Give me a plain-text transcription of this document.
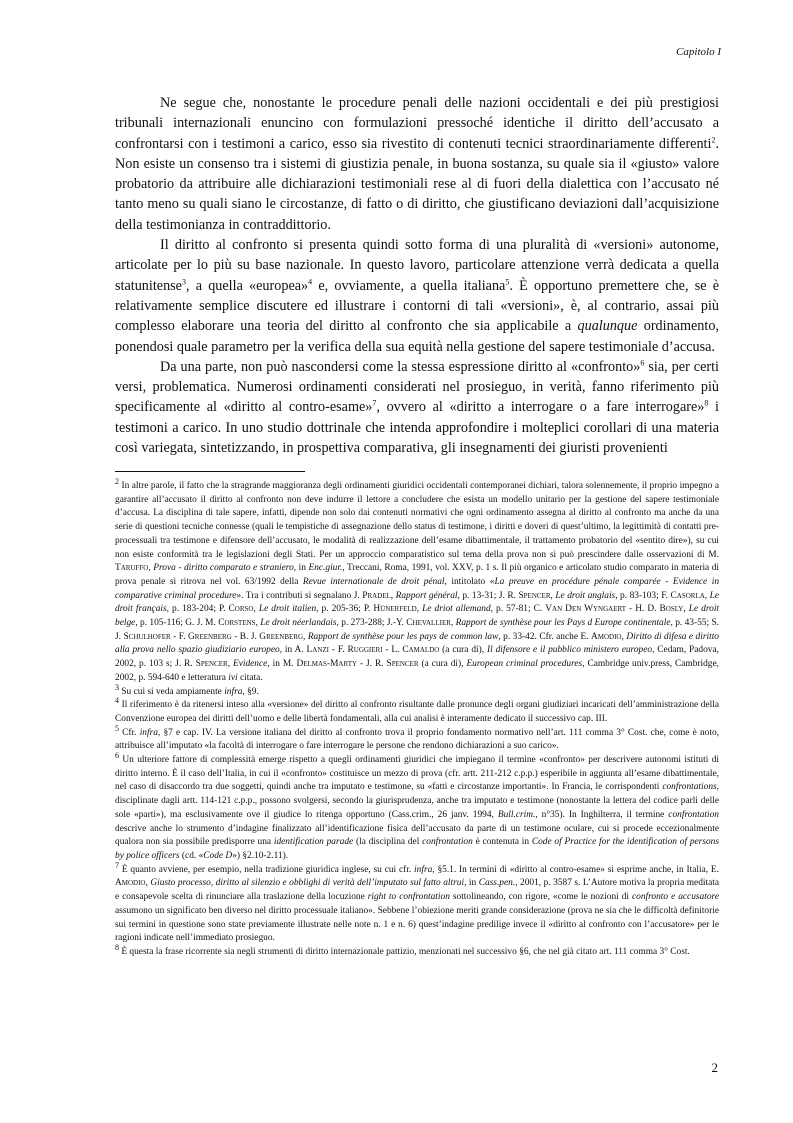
Capitolo I

Ne segue che, nonostante le procedure penali delle nazioni occidentali e dei più prestigiosi tribunali internazionali enuncino con formulazioni pressoché identiche il diritto dell’accusato a confrontarsi con i testimoni a carico, esso sia rivestito di contenuti tecnici straordinariamente differenti$^2$. Non esiste un consenso tra i sistemi di giustizia penale, in buona sostanza, su quale sia il «giusto» valore probatorio da attribuire alle dichiarazioni testimoniali rese al di fuori della dialettica con l’accusato né tanto meno su quali siano le circostanze, di fatto o di diritto, che giustificano deviazioni dall’acquisizione della testimonianza in contraddittorio.

Il diritto al confronto si presenta quindi sotto forma di una pluralità di «versioni» autonome, articolate per lo più su base nazionale. In questo lavoro, particolare attenzione verrà dedicata a quella statunitense$^3$, a quella «europea»$^4$ e, ovviamente, a quella italiana$^5$. È opportuno premettere che, se è relativamente semplice discutere ed illustrare i contorni di tali «versioni», è, al contrario, assai più complesso elaborare una teoria del diritto al confronto che sia applicabile a qualunque ordinamento, ponendosi quale parametro per la verifica della sua equità nella gestione del sapere testimoniale d’accusa.

Da una parte, non può nascondersi come la stessa espressione diritto al «confronto»$^6$ sia, per certi versi, problematica. Numerosi ordinamenti considerati nel prosieguo, in verità, fanno riferimento più specificamente al «diritto al contro-esame»$^7$, ovvero al «diritto a interrogare o a fare interrogare»$^8$ i testimoni a carico. In uno studio dottrinale che intenda approfondire i molteplici corollari di una materia così variegata, sintetizzando, in prospettiva comparativa, gli insegnamenti dei giuristi provenienti

$^2$ In altre parole, il fatto che la stragrande maggioranza degli ordinamenti giuridici occidentali contemporanei dichiari, talora solennemente, il proprio impegno a garantire all’accusato il diritto al confronto non deve indurre il lettore a concludere che esista un modello unitario per la gestione del sapere testimoniale d’accusa. La disciplina di tale sapere, infatti, dipende non solo dai contenuti normativi che ogni ordinamento assegna al diritto al confronto ma anche da una serie di questioni tecniche connesse (quali le tempistiche di assegnazione dello status di testimone, i diritti e doveri di quest’ultimo, la legittimità di contatti pre-processuali tra testimone e difensore dell’accusato, le modalità di realizzazione dell’esame dibattimentale, il trattamento probatorio del «sentito dire»), su cui non esiste conformità tra le legislazioni degli Stati. Per un approccio comparatistico sul tema della prova non si può prescindere dalle osservazioni di M. Taruffo, Prova - diritto comparato e straniero, in Enc.giur., Treccani, Roma, 1991, vol. XXV, p. 1 s. Il più organico e articolato studio comparato in materia di prova penale si ritrova nel vol. 63/1992 della Revue internationale de droit pénal, intitolato «La preuve en procédure pénale comparée - Evidence in comparative criminal procedure». Tra i contributi si segnalano J. Pradel, Rapport général, p. 13-31; J. R. Spencer, Le droit anglais, p. 83-103; F. Casorla, Le droit français, p. 183-204; P. Corso, Le droit italien, p. 205-36; P. Hünerfeld, Le driot allemand, p. 57-81; C. Van Den Wyngaert - H. D. Bosly, Le droit belge, p. 105-116; G. J. M. Corstens, Le droit néerlandais, p. 273-288; J.-Y. Chevallier, Rapport de synthèse pour les Pays d Europe continentale, p. 43-55; S. J. Schulhofer - F. Greenberg - B. J. Greenberg, Rapport de synthèse pour les pays de common law, p. 33-42. Cfr. anche E. Amodio, Diritto di difesa e diritto alla prova nello spazio giudiziario europeo, in A. Lanzi - F. Ruggieri - L. Camaldo (a cura di), Il difensore e il pubblico ministero europeo, Cedam, Padova, 2002, p. 103 s; J. R. Spencer, Evidence, in M. Delmas-Marty - J. R. Spencer (a cura di), European criminal procedures, Cambridge univ.press, Cambridge, 2002, p. 594-640 e letteratura ivi citata.

$^3$ Su cui si veda ampiamente infra, §9.

$^4$ Il riferimento è da ritenersi inteso alla «versione» del diritto al confronto risultante dalle pronunce degli organi giudiziari incaricati dell’amministrazione della Convenzione europea dei diritti dell’uomo e delle libertà fondamentali, alla cui analisi è interamente dedicato il successivo cap. III.

$^5$ Cfr. infra, §7 e cap. IV. La versione italiana del diritto al confronto trova il proprio fondamento normativo nell’art. 111 comma 3° Cost. che, come è noto, attribuisce all’imputato «la facoltà di interrogare o fare interrogare le persone che rendono dichiarazioni a suo carico».

$^6$ Un ulteriore fattore di complessità emerge rispetto a quegli ordinamenti giuridici che impiegano il termine «confronto» per descrivere autonomi istituti di diritto interno. È il caso dell’Italia, in cui il «confronto» costituisce un mezzo di prova (cfr. artt. 211-212 c.p.p.) esperibile in aggiunta all’esame dibattimentale, nel caso di disaccordo tra due soggetti, quindi anche tra imputato e testimone, su «fatti e circostanze importanti». In Francia, le corrispondenti confrontations, disciplinate dagli artt. 114-121 c.p.p., possono svolgersi, secondo la giurisprudenza, anche tra imputato e testimone (nonostante la lettera del codice parli delle sole «parti»), ma esclusivamente ove il giudice lo ritenga opportuno (Cass.crim., 26 janv. 1994, Bull.crim., n°35). In Inghilterra, il termine confrontation descrive anche lo strumento d’indagine finalizzato all’identificazione fisica dell’accusato da parte di un testimone oculare, cui si procede eccezionalmente qualora non sia possibile predisporre una identification parade (la disciplina del confrontation è contenuta in Code of Practice for the identification of persons by police officers (cd. «Code D») §2.10-2.11).

$^7$ È quanto avviene, per esempio, nella tradizione giuridica inglese, su cui cfr. infra, §5.1. In termini di «diritto al contro-esame» si esprime anche, in Italia, E. Amodio, Giusto processo, diritto al silenzio e obblighi di verità dell’imputato sul fatto altrui, in Cass.pen., 2001, p. 3587 s. L’Autore motiva la propria meditata e consapevole scelta di rinunciare alla traslazione della locuzione right to confrontation sottolineando, con rigore, «come le nozioni di confronto e accusatore assumono un significato ben diverso nel diritto processuale italiano». Sebbene l’obiezione meriti grande considerazione (prova ne sia che le difficoltà definitorie sui termini in questione sono state previamente illustrate nelle note n. 1 e n. 6) quest’indagine predilige invece il «diritto al confronto con l’accusatore» per le ragioni indicate nell’immediato prosieguo.

$^8$ È questa la frase ricorrente sia negli strumenti di diritto internazionale pattizio, menzionati nel successivo §6, che nel già citato art. 111 comma 3° Cost.

2
